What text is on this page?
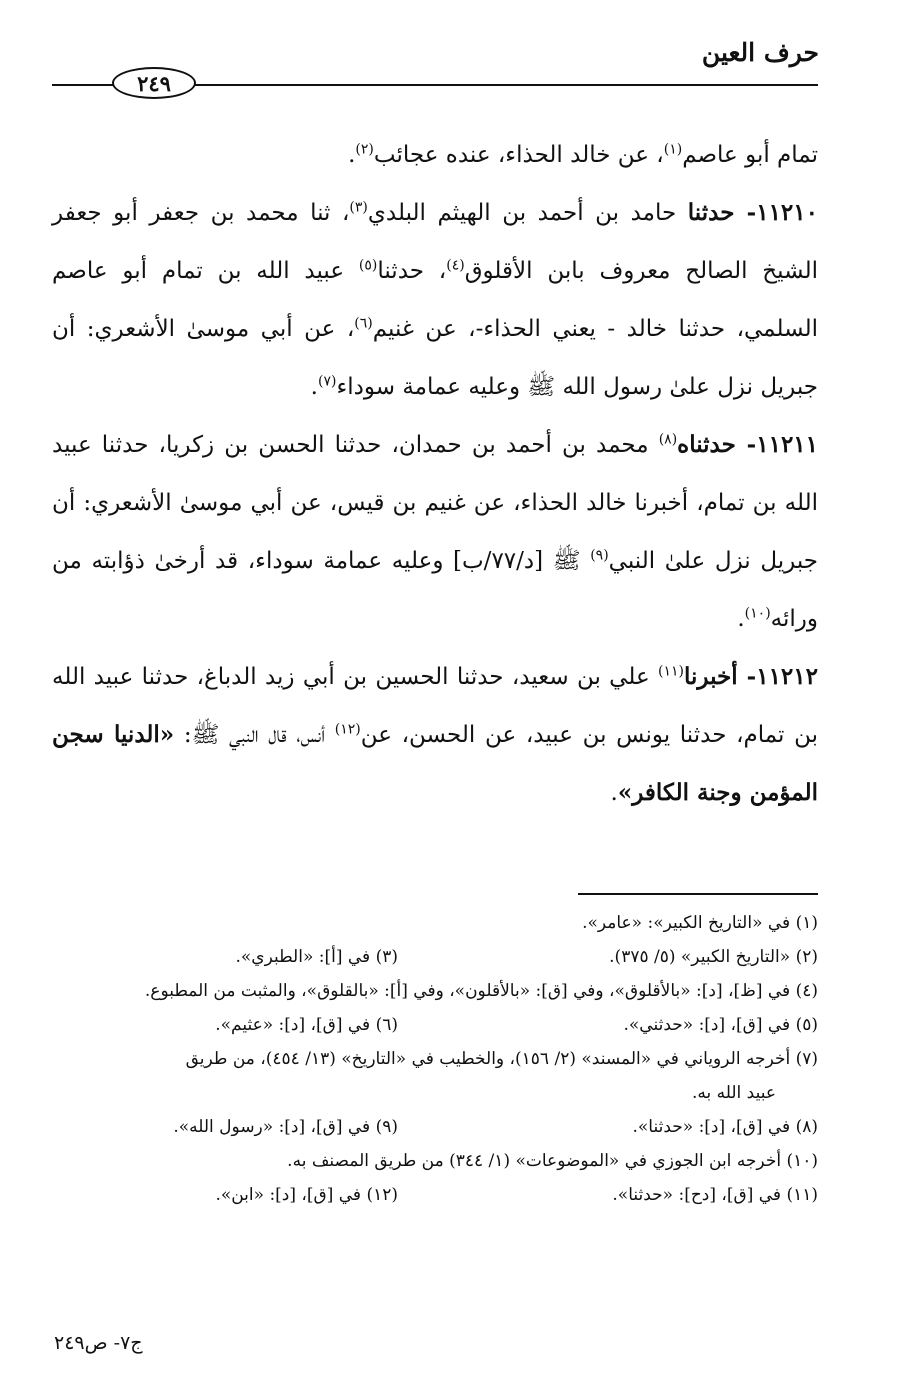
حرف العين
٢٤٩

تمام أبو عاصم$^{(١)}$، عن خالد الحذاء، عنده عجائب$^{(٢)}$.

١١٢١٠- حدثنا حامد بن أحمد بن الهيثم البلدي$^{(٣)}$، ثنا محمد بن جعفر أبو جعفر الشيخ الصالح معروف بابن الأقلوق$^{(٤)}$، حدثنا$^{(٥)}$ عبيد الله بن تمام أبو عاصم السلمي، حدثنا خالد - يعني الحذاء-، عن غنيم$^{(٦)}$، عن أبي موسىٰ الأشعري: أن جبريل نزل علىٰ رسول الله ﷺ وعليه عمامة سوداء$^{(٧)}$.

١١٢١١- حدثناه$^{(٨)}$ محمد بن أحمد بن حمدان، حدثنا الحسن بن زكريا، حدثنا عبيد الله بن تمام، أخبرنا خالد الحذاء، عن غنيم بن قيس، عن أبي موسىٰ الأشعري: أن جبريل نزل علىٰ النبي$^{(٩)}$ ﷺ [د/٧٧/ب] وعليه عمامة سوداء، قد أرخىٰ ذؤابته من ورائه$^{(١٠)}$.

١١٢١٢- أخبرنا$^{(١١)}$ علي بن سعيد، حدثنا الحسين بن أبي زيد الدباغ، حدثنا عبيد الله بن تمام، حدثنا يونس بن عبيد، عن الحسن، عن$^{(١٢)}$ أنس، قال النبي ﷺ: «الدنيا سجن المؤمن وجنة الكافر».

(١) في «التاريخ الكبير»: «عامر».
(٢) «التاريخ الكبير» (٥/ ٣٧٥).
(٣) في [أ]: «الطبري».
(٤) في [ظ]، [د]: «بالأقلوق»، وفي [ق]: «بالأقلون»، وفي [أ]: «بالقلوق»، والمثبت من المطبوع.
(٥) في [ق]، [د]: «حدثني».
(٦) في [ق]، [د]: «عثيم».
(٧) أخرجه الروياني في «المسند» (٢/ ١٥٦)، والخطيب في «التاريخ» (١٣/ ٤٥٤)، من طريق
عبيد الله به.
(٨) في [ق]، [د]: «حدثنا».
(٩) في [ق]، [د]: «رسول الله».
(١٠) أخرجه ابن الجوزي في «الموضوعات» (١/ ٣٤٤) من طريق المصنف به.
(١١) في [ق]، [دح]: «حدثنا».
(١٢) في [ق]، [د]: «ابن».
ج٧- ص٢٤٩
